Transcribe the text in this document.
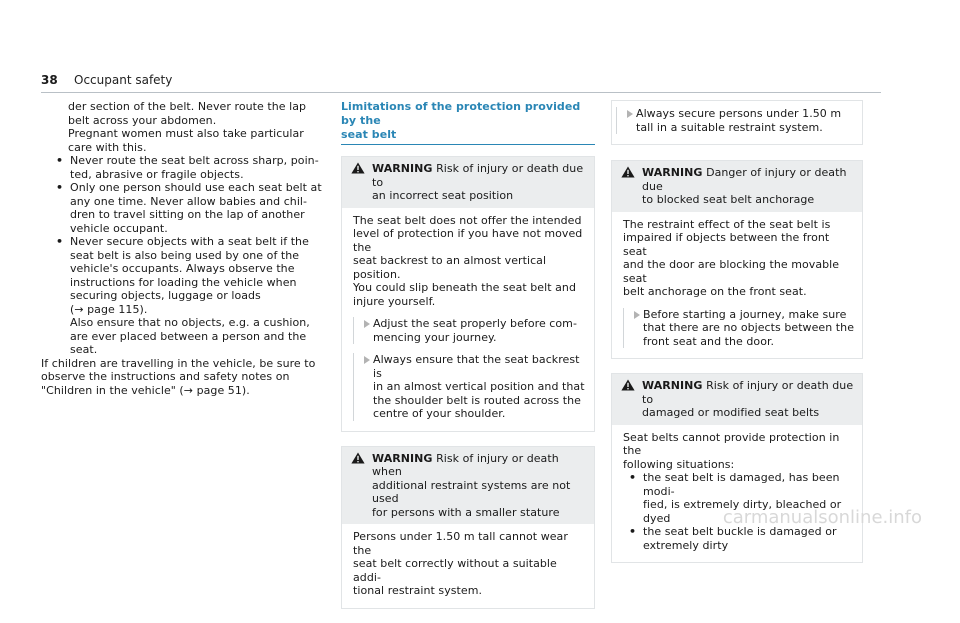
38 Occupant safety

der section of the belt. Never route the lap
belt across your abdomen.

Pregnant women must also take particular
care with this.

• Never route the seat belt across sharp, poin-
ted, abrasive or fragile objects.
• Only one person should use each seat belt at
any one time. Never allow babies and chil-
dren to travel sitting on the lap of another
vehicle occupant.
• Never secure objects with a seat belt if the
seat belt is also being used by one of the
vehicle's occupants. Always observe the
instructions for loading the vehicle when
securing objects, luggage or loads
(→ page 115).
Also ensure that no objects, e.g. a cushion,
are ever placed between a person and the
seat.

If children are travelling in the vehicle, be sure to
observe the instructions and safety notes on
"Children in the vehicle" (→ page 51).

Limitations of the protection provided by the
seat belt
WARNING Risk of injury or death due to
an incorrect seat position

The seat belt does not offer the intended
level of protection if you have not moved the
seat backrest to an almost vertical position.

You could slip beneath the seat belt and
injure yourself.

Adjust the seat properly before com-
mencing your journey.
Always ensure that the seat backrest is
in an almost vertical position and that
the shoulder belt is routed across the
centre of your shoulder.
WARNING Risk of injury or death when
additional restraint systems are not used
for persons with a smaller stature

Persons under 1.50 m tall cannot wear the
seat belt correctly without a suitable addi-
tional restraint system.

Always secure persons under 1.50 m
tall in a suitable restraint system.
WARNING Danger of injury or death due
to blocked seat belt anchorage

The restraint effect of the seat belt is
impaired if objects between the front seat
and the door are blocking the movable seat
belt anchorage on the front seat.

Before starting a journey, make sure
that there are no objects between the
front seat and the door.
WARNING Risk of injury or death due to
damaged or modified seat belts

Seat belts cannot provide protection in the
following situations:

• the seat belt is damaged, has been modi-
fied, is extremely dirty, bleached or dyed
• the seat belt buckle is damaged or
extremely dirty
carmanualsonline.info
